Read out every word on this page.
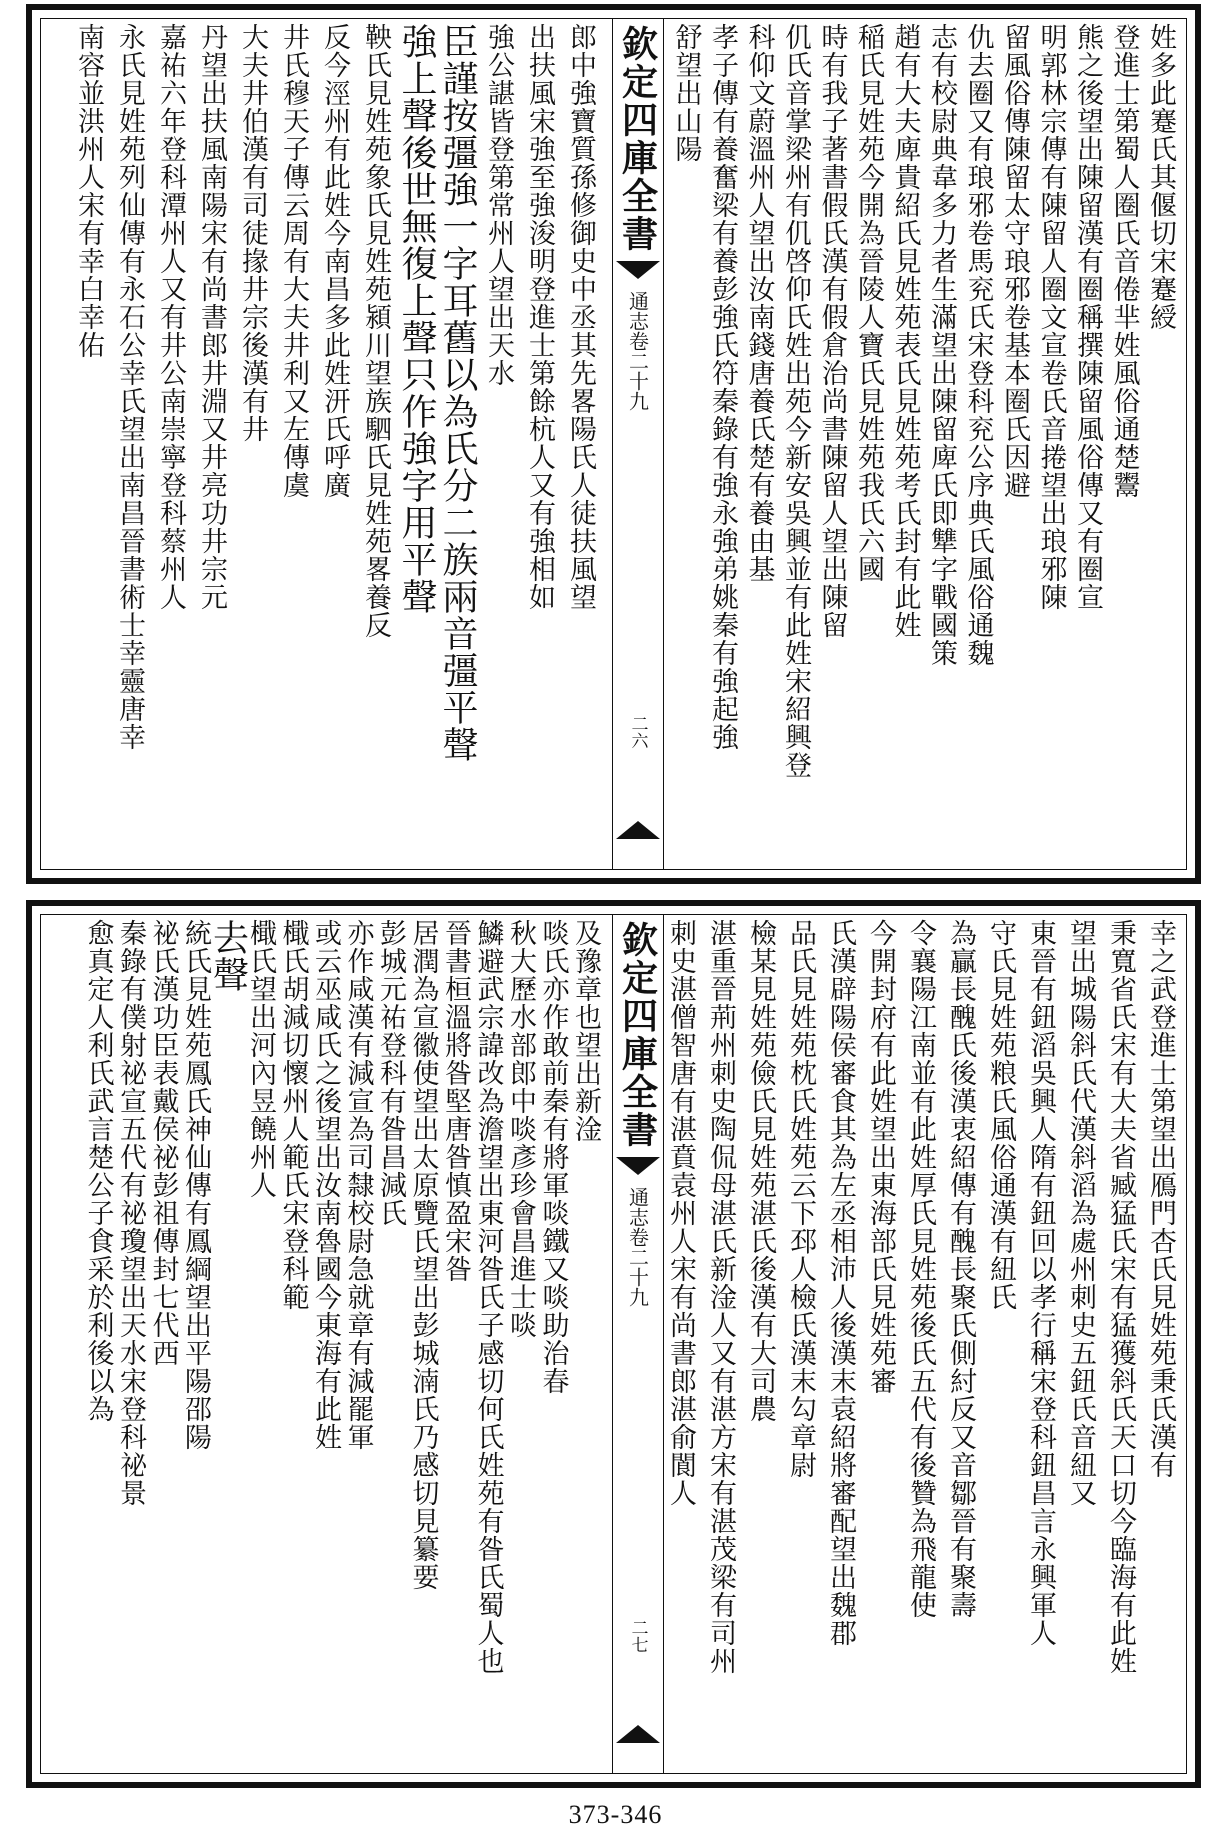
姓多此蹇氏其偃切宋蹇綬
登進士第蜀人圈氏音倦芈姓風俗通楚鬻
熊之後望出陳留漢有圈稱撰陳留風俗傳又有圈宣
明郭林宗傳有陳留人圈文宣卷氏音捲望出琅邪陳
留風俗傳陳留太守琅邪卷基本圈氏因避
仇去圈又有琅邪卷馬兖氏宋登科兖公序典氏風俗通魏
志有校尉典韋多力者生滿望出陳留庳氏即犨字戰國策
趙有大夫庳貴紹氏見姓苑表氏見姓苑考氏封有此姓
稲氏見姓苑今開為晉陵人寶氏見姓苑我氏六國
時有我子著書假氏漢有假倉治尚書陳留人望出陳留
仉氏音掌梁州有仉啓仰氏姓出苑今新安吳興並有此姓宋紹興登
科仰文蔚溫州人望出汝南錢唐養氏楚有養由基
孝子傳有養奮梁有養彭強氏符秦錄有強永強弟姚秦有強起強
舒望出山陽
欽定四庫全書
通志卷二十九
二六
郎中強寶質孫修御史中丞其先畧陽氏人徒扶風望
出扶風宋強至強浚明登進士第餘杭人又有強相如
強公諶皆登第常州人望出天水
臣謹按彊強一字耳舊以為氏分二族兩音彊平聲
強上聲後世無復上聲只作強字用平聲
鞅氏見姓苑象氏見姓苑潁川望族駟氏見姓苑畧養反
反今涇州有此姓今南昌多此姓汧氏呼廣
井氏穆天子傳云周有大夫井利又左傳虞
大夫井伯漢有司徒掾井宗後漢有井
丹望出扶風南陽宋有尚書郎井淵又井亮功井宗元
嘉祐六年登科潭州人又有井公南崇寧登科蔡州人
永氏見姓苑列仙傳有永石公幸氏望出南昌晉書術士幸靈唐幸
南容並洪州人宋有幸白幸佑
幸之武登進士第望出鴈門杏氏見姓苑秉氏漢有
秉寬省氏宋有大夫省臧猛氏宋有猛獲斜氏天口切今臨海有此姓
望出城陽斜氏代漢斜滔為處州刺史五鈕氏音紐又
東晉有鈕滔吳興人隋有鈕回以孝行稱宋登科鈕昌言永興軍人
守氏見姓苑粮氏風俗通漢有紐氏
為贏長醜氏後漢衷紹傳有醜長聚氏側紂反又音鄒晉有聚壽
令襄陽江南並有此姓厚氏見姓苑後氏五代有後贊為飛龍使
今開封府有此姓望出東海部氏見姓苑審
氏漢辟陽侯審食其為左丞相沛人後漢末袁紹將審配望出魏郡
品氏見姓苑枕氏姓苑云下邳人檢氏漢末勾章尉
檢某見姓苑儉氏見姓苑湛氏後漢有大司農
湛重晉荊州刺史陶侃母湛氏新淦人又有湛方宋有湛茂梁有司州
刺史湛僧智唐有湛賁袁州人宋有尚書郎湛俞閬人
欽定四庫全書
通志卷二十九
二七
及豫章也望出新淦
啖氏亦作敢前秦有將軍啖鐵又啖助治春
秋大歷水部郎中啖彥珍會昌進士啖
鱗避武宗諱改為澹望出東河昝氏子感切何氏姓苑有昝氏蜀人也
晉書桓溫將昝堅唐昝慎盈宋昝
居潤為宣徽使望出太原覽氏望出彭城湳氏乃感切見纂要
彭城元祐登科有昝昌減氏
亦作咸漢有減宣為司隸校尉急就章有減罷軍
或云巫咸氏之後望出汝南魯國今東海有此姓
檝氏胡減切懷州人範氏宋登科範
檝氏望出河內昱饒州人
去聲
統氏見姓苑鳳氏神仙傳有鳳綱望出平陽邵陽
祕氏漢功臣表戴侯祕彭祖傳封七代西
秦錄有僕射祕宣五代有祕瓊望出天水宋登科祕景
愈真定人利氏武言楚公子食采於利後以為
373-346
